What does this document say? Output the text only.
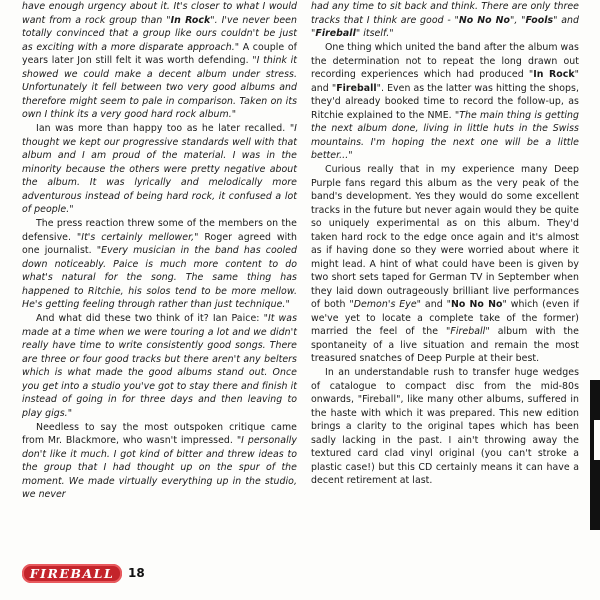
have enough urgency about it. It's closer to what I would want from a rock group than "In Rock". I've never been totally convinced that a group like ours couldn't be just as exciting with a more disparate approach." A couple of years later Jon still felt it was worth defending. "I think it showed we could make a decent album under stress. Unfortunately it fell between two very good albums and therefore might seem to pale in comparison. Taken on its own I think its a very good hard rock album."

Ian was more than happy too as he later recalled. "I thought we kept our progressive standards well with that album and I am proud of the material. I was in the minority because the others were pretty negative about the album. It was lyrically and melodically more adventurous instead of being hard rock, it confused a lot of people."

The press reaction threw some of the members on the defensive. "It's certainly mellower," Roger agreed with one journalist. "Every musician in the band has cooled down noticeably. Paice is much more content to do what's natural for the song. The same thing has happened to Ritchie, his solos tend to be more mellow. He's getting feeling through rather than just technique."

And what did these two think of it? Ian Paice: "It was made at a time when we were touring a lot and we didn't really have time to write consistently good songs. There are three or four good tracks but there aren't any belters which is what made the good albums stand out. Once you get into a studio you've got to stay there and finish it instead of going in for three days and then leaving to play gigs."

Needless to say the most outspoken critique came from Mr. Blackmore, who wasn't impressed. "I personally don't like it much. I got kind of bitter and threw ideas to the group that I had thought up on the spur of the moment. We made virtually everything up in the studio, we never

had any time to sit back and think. There are only three tracks that I think are good - "No No No", "Fools" and "Fireball" itself."

One thing which united the band after the album was the determination not to repeat the long drawn out recording experiences which had produced "In Rock" and "Fireball". Even as the latter was hitting the shops, they'd already booked time to record the follow-up, as Ritchie explained to the NME. "The main thing is getting the next album done, living in little huts in the Swiss mountains. I'm hoping the next one will be a little better..."

Curious really that in my experience many Deep Purple fans regard this album as the very peak of the band's development. Yes they would do some excellent tracks in the future but never again would they be quite so uniquely experimental as on this album. They'd taken hard rock to the edge once again and it's almost as if having done so they were worried about where it might lead. A hint of what could have been is given by two short sets taped for German TV in September when they laid down outrageously brilliant live performances of both "Demon's Eye" and "No No No" which (even if we've yet to locate a complete take of the former) married the feel of the "Fireball" album with the spontaneity of a live situation and remain the most treasured snatches of Deep Purple at their best.

In an understandable rush to transfer huge wedges of catalogue to compact disc from the mid-80s onwards, "Fireball", like many other albums, suffered in the haste with which it was prepared. This new edition brings a clarity to the original tapes which has been sadly lacking in the past. I ain't throwing away the textured card clad vinyl original (you can't stroke a plastic case!) but this CD certainly means it can have a decent retirement at last.

FIREBALL 18
